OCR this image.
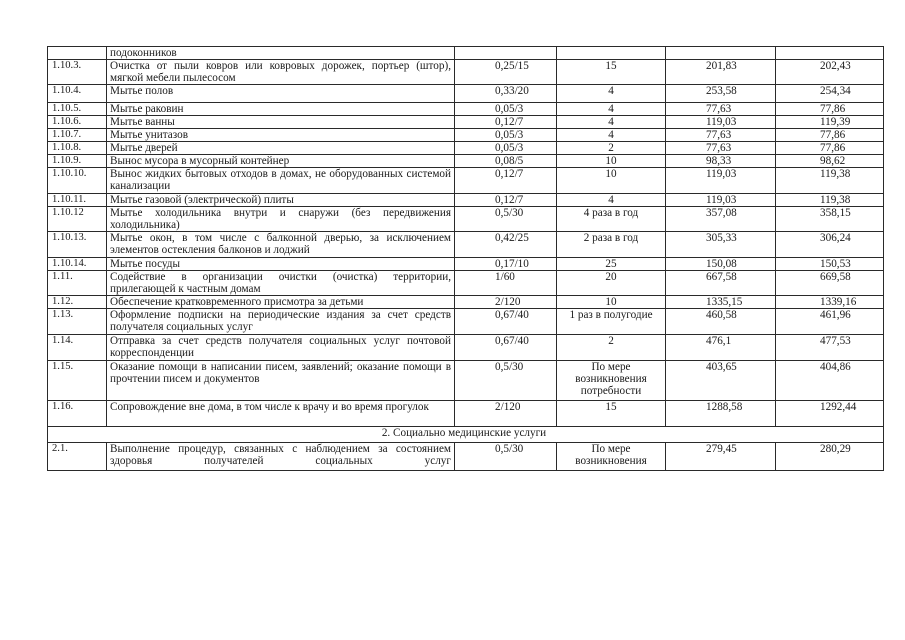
	подоконников				
1.10.3.	Очистка от пыли ковров или ковровых дорожек, портьер (штор), мягкой мебели пылесосом	0,25/15	15	201,83	202,43
1.10.4.	Мытье полов	0,33/20	4	253,58	254,34
1.10.5.	Мытье раковин	0,05/3	4	77,63	77,86
1.10.6.	Мытье ванны	0,12/7	4	119,03	119,39
1.10.7.	Мытье унитазов	0,05/3	4	77,63	77,86
1.10.8.	Мытье дверей	0,05/3	2	77,63	77,86
1.10.9.	Вынос мусора в мусорный контейнер	0,08/5	10	98,33	98,62
1.10.10.	Вынос жидких бытовых отходов в домах, не оборудованных системой канализации	0,12/7	10	119,03	119,38
1.10.11.	Мытье газовой (электрической) плиты	0,12/7	4	119,03	119,38
1.10.12	Мытье холодильника внутри и снаружи (без передвижения холодильника)	0,5/30	4 раза в год	357,08	358,15
1.10.13.	Мытье окон, в том числе с балконной дверью, за исключением элементов остекления балконов и лоджий	0,42/25	2 раза в год	305,33	306,24
1.10.14.	Мытье посуды	0,17/10	25	150,08	150,53
1.11.	Содействие в организации очистки (очистка) территории, прилегающей к частным домам	1/60	20	667,58	669,58
1.12.	Обеспечение кратковременного присмотра за детьми	2/120	10	1335,15	1339,16
1.13.	Оформление подписки на периодические издания за счет средств получателя социальных услуг	0,67/40	1 раз в полугодие	460,58	461,96
1.14.	Отправка за счет средств получателя социальных услуг почтовой корреспонденции	0,67/40	2	476,1	477,53
1.15.	Оказание помощи в написании писем, заявлений; оказание помощи в прочтении писем и документов	0,5/30	По мере возникновения потребности	403,65	404,86
1.16.	Сопровождение вне дома, в том числе к врачу и во время прогулок	2/120	15	1288,58	1292,44
2. Социально медицинские услуги					
2.1.	Выполнение процедур, связанных с наблюдением за состоянием здоровья получателей социальных услуг	0,5/30	По мере возникновения	279,45	280,29
